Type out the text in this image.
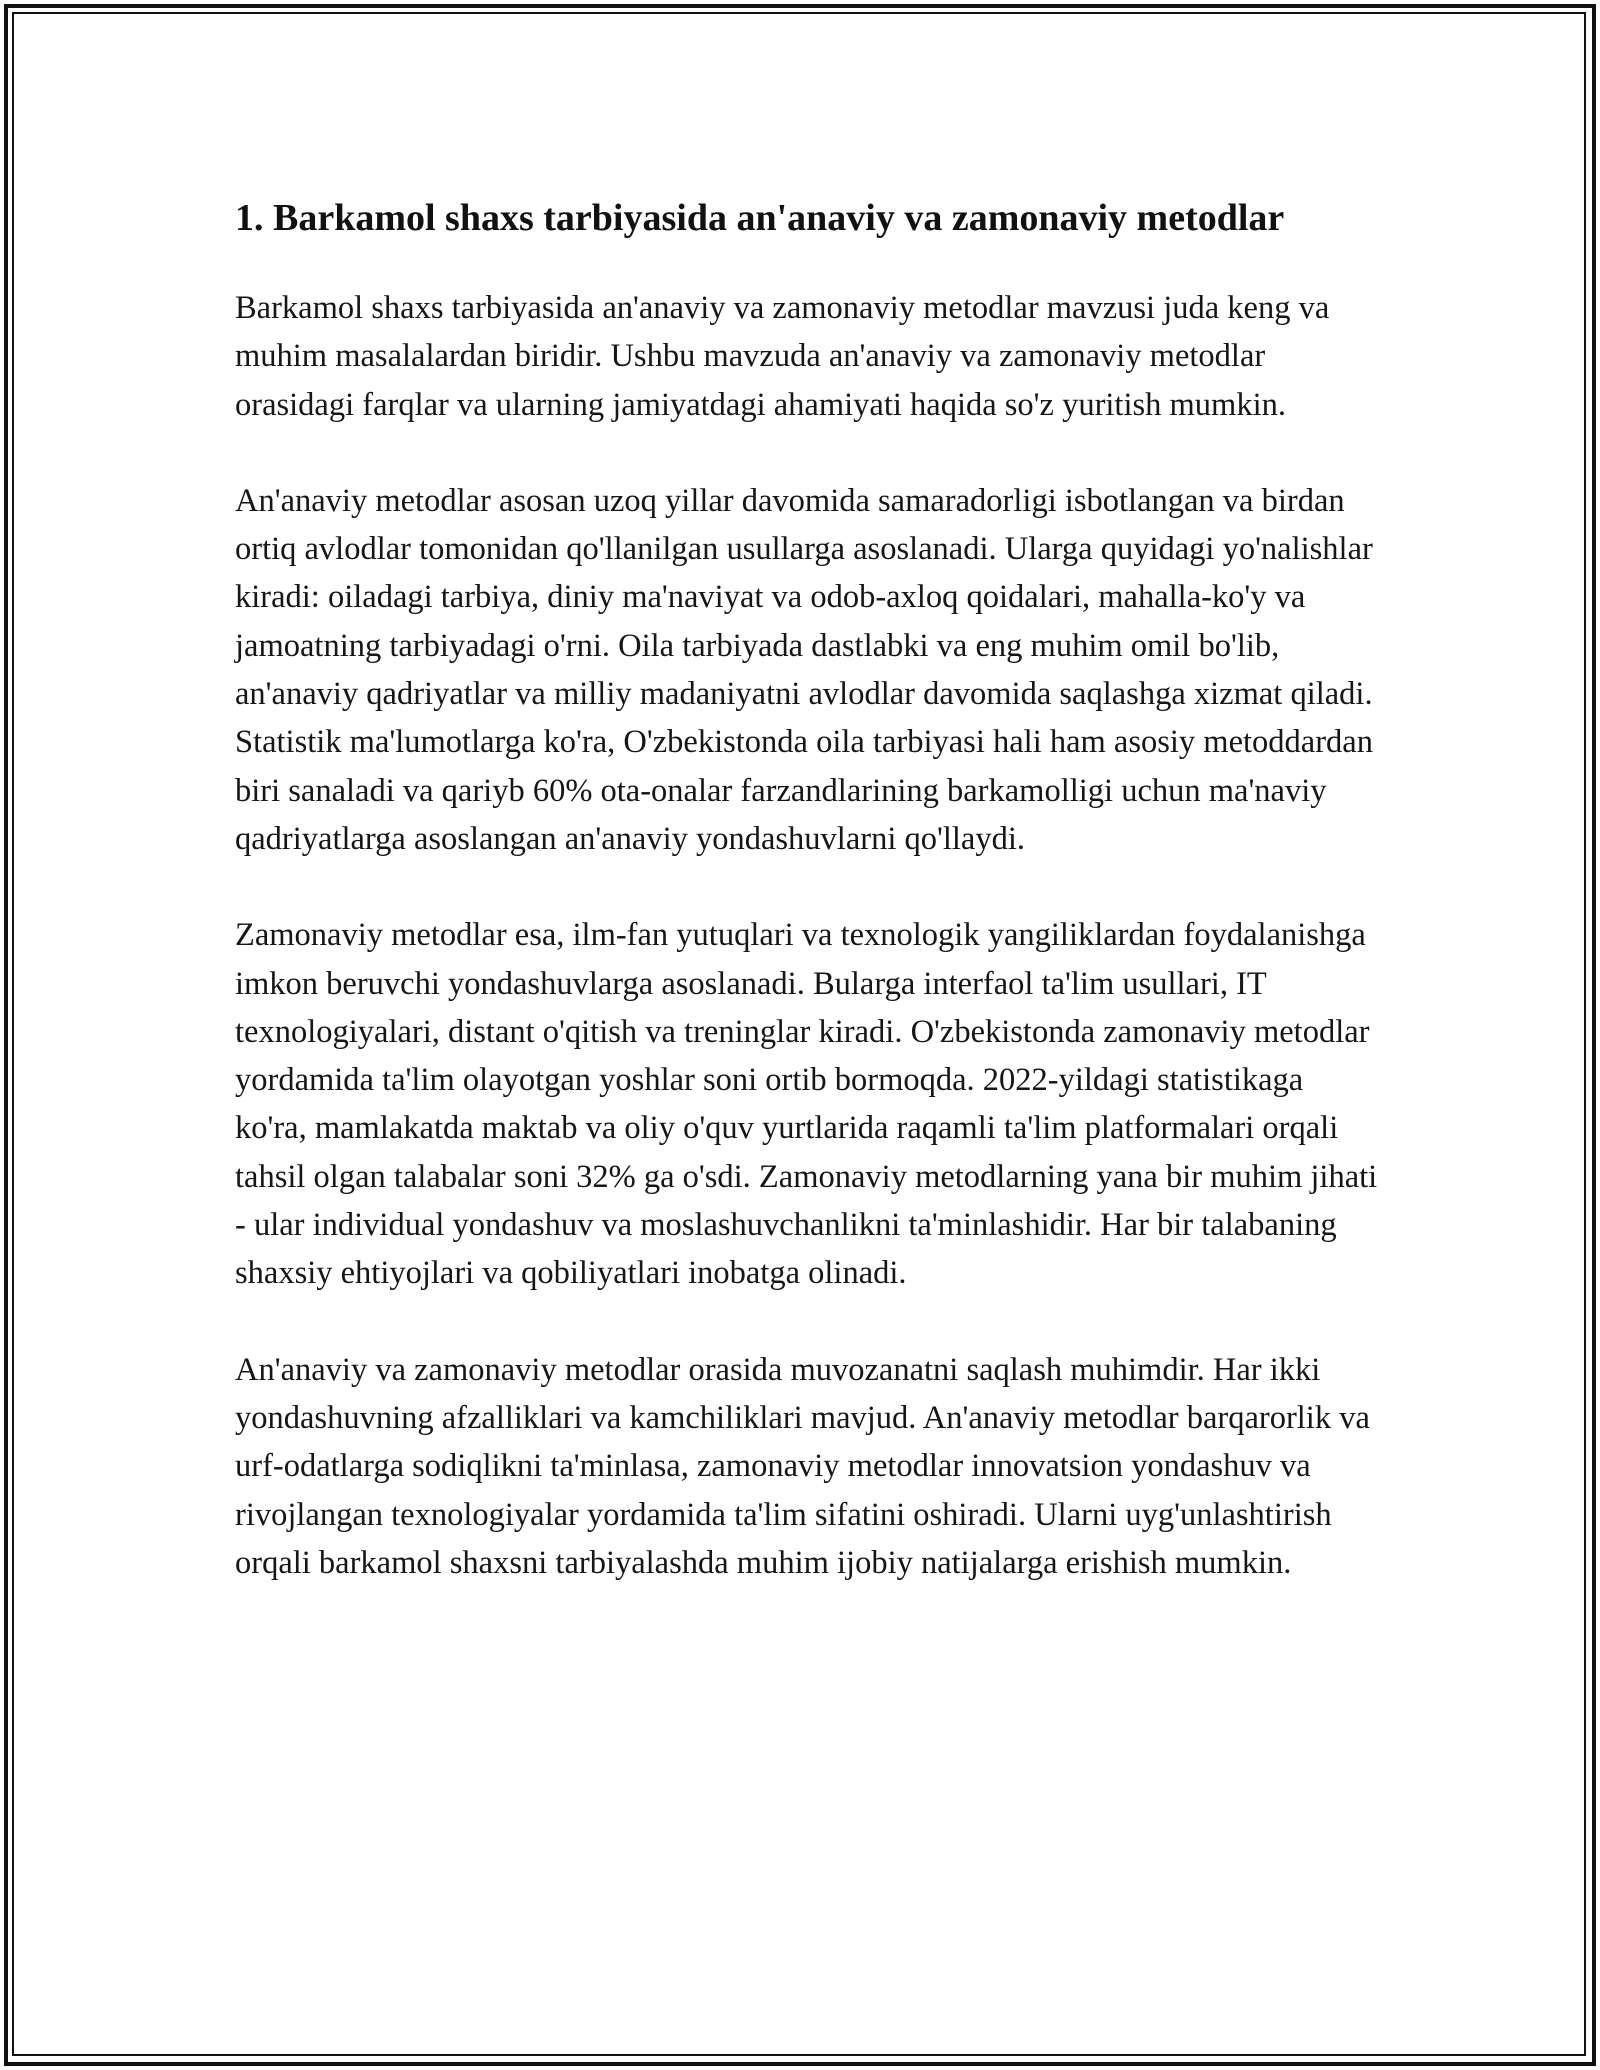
1. Barkamol shaxs tarbiyasida an'anaviy va zamonaviy metodlar

Barkamol shaxs tarbiyasida an'anaviy va zamonaviy metodlar mavzusi juda keng va muhim masalalardan biridir. Ushbu mavzuda an'anaviy va zamonaviy metodlar orasidagi farqlar va ularning jamiyatdagi ahamiyati haqida so'z yuritish mumkin.

An'anaviy metodlar asosan uzoq yillar davomida samaradorligi isbotlangan va birdan ortiq avlodlar tomonidan qo'llanilgan usullarga asoslanadi. Ularga quyidagi yo'nalishlar kiradi: oiladagi tarbiya, diniy ma'naviyat va odob-axloq qoidalari, mahalla-ko'y va jamoatning tarbiyadagi o'rni. Oila tarbiyada dastlabki va eng muhim omil bo'lib, an'anaviy qadriyatlar va milliy madaniyatni avlodlar davomida saqlashga xizmat qiladi. Statistik ma'lumotlarga ko'ra, O'zbekistonda oila tarbiyasi hali ham asosiy metoddardan biri sanaladi va qariyb 60% ota-onalar farzandlarining barkamolligi uchun ma'naviy qadriyatlarga asoslangan an'anaviy yondashuvlarni qo'llaydi.

Zamonaviy metodlar esa, ilm-fan yutuqlari va texnologik yangiliklardan foydalanishga imkon beruvchi yondashuvlarga asoslanadi. Bularga interfaol ta'lim usullari, IT texnologiyalari, distant o'qitish va treninglar kiradi. O'zbekistonda zamonaviy metodlar yordamida ta'lim olayotgan yoshlar soni ortib bormoqda. 2022-yildagi statistikaga ko'ra, mamlakatda maktab va oliy o'quv yurtlarida raqamli ta'lim platformalari orqali tahsil olgan talabalar soni 32% ga o'sdi. Zamonaviy metodlarning yana bir muhim jihati - ular individual yondashuv va moslashuvchanlikni ta'minlashidir. Har bir talabaning shaxsiy ehtiyojlari va qobiliyatlari inobatga olinadi.

An'anaviy va zamonaviy metodlar orasida muvozanatni saqlash muhimdir. Har ikki yondashuvning afzalliklari va kamchiliklari mavjud. An'anaviy metodlar barqarorlik va urf-odatlarga sodiqlikni ta'minlasa, zamonaviy metodlar innovatsion yondashuv va rivojlangan texnologiyalar yordamida ta'lim sifatini oshiradi. Ularni uyg'unlashtirish orqali barkamol shaxsni tarbiyalashda muhim ijobiy natijalarga erishish mumkin.
